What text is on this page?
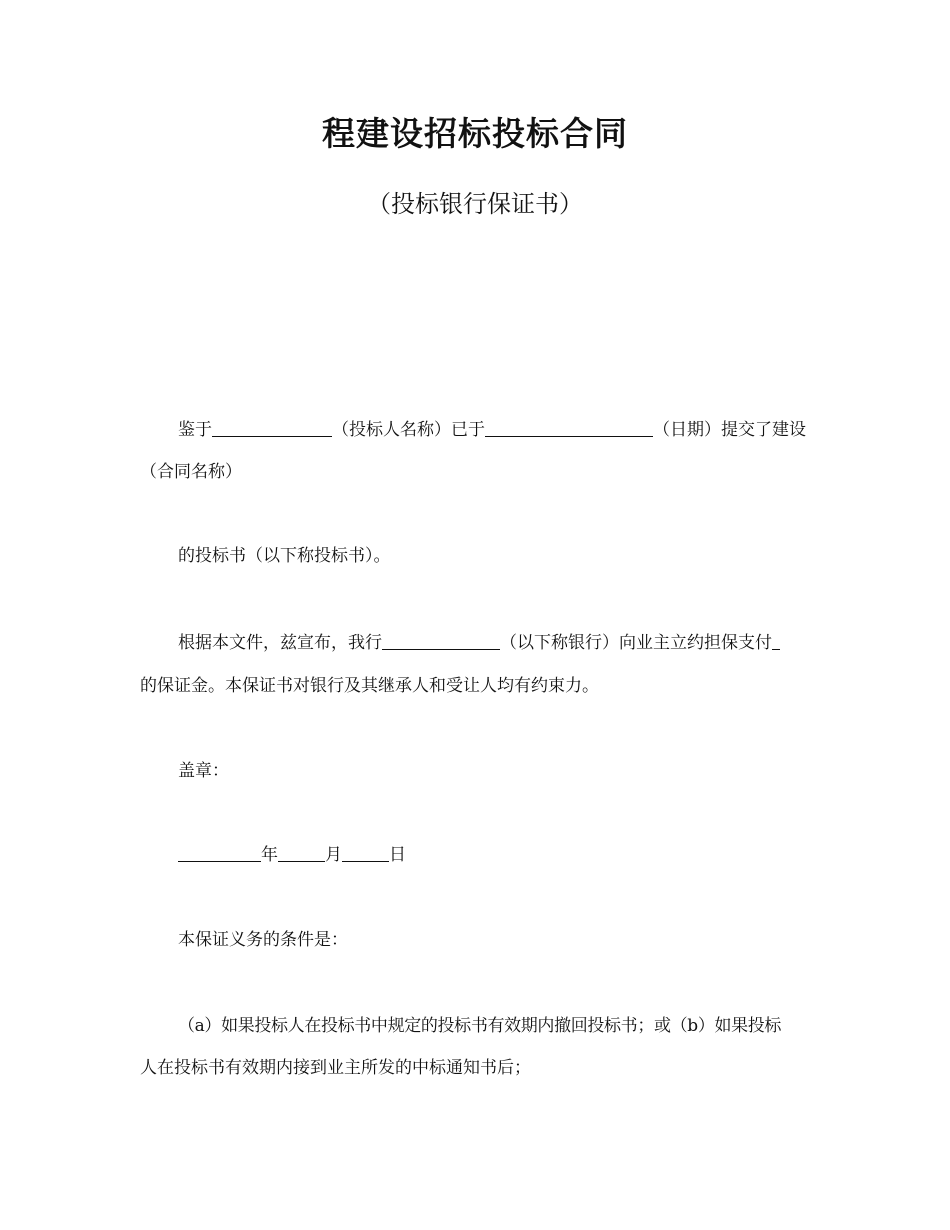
程建设招标投标合同
（投标银行保证书）
鉴于	（投标人名称）已于	（日期）提交了建设
（合同名称）
的投标书（以下称投标书）。
根据本文件，兹宣布，我行	（以下称银行）向业主立约担保支付
的保证金。本保证书对银行及其继承人和受让人均有约束力。
盖章：
年	月	日
本保证义务的条件是：
（a）如果投标人在投标书中规定的投标书有效期内撤回投标书；或（b）如果投标
人在投标书有效期内接到业主所发的中标通知书后；
